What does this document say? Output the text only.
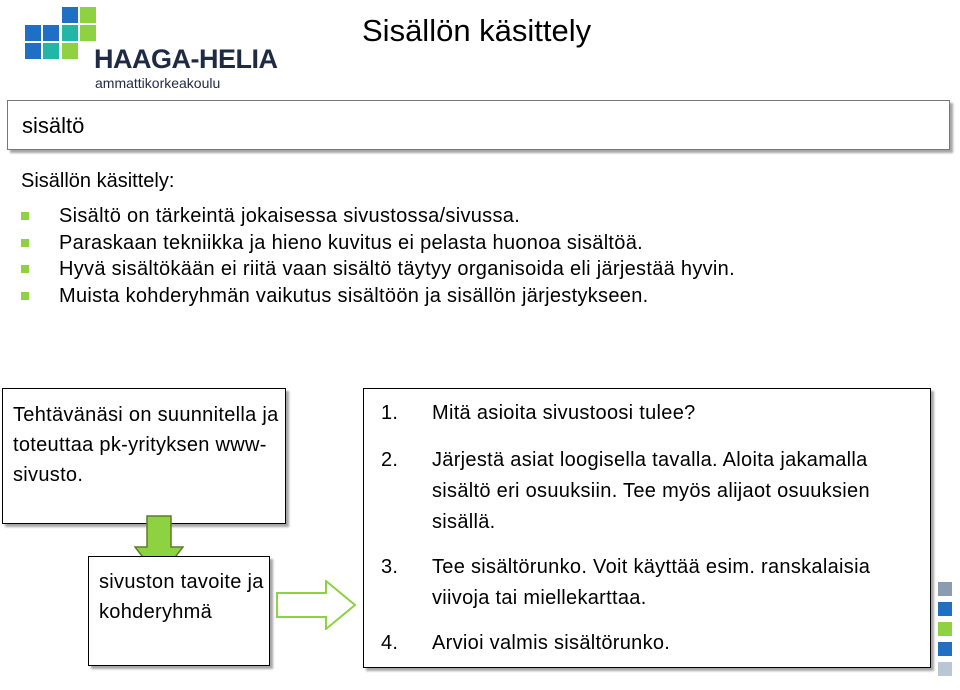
HAAGA-HELIA
ammattikorkeakoulu
Sisällön käsittely
sisältö

Sisällön käsittely:

Sisältö on tärkeintä jokaisessa sivustossa/sivussa.
Paraskaan tekniikka ja hieno kuvitus ei pelasta huonoa sisältöä.
Hyvä sisältökään ei riitä vaan sisältö täytyy organisoida eli järjestää hyvin.
Muista kohderyhmän vaikutus sisältöön ja sisällön järjestykseen.
Tehtävänäsi on suunnitella ja toteuttaa pk-yrityksen www-sivusto.
sivuston tavoite ja kohderyhmä
1. Mitä asioita sivustoosi tulee?
2. Järjestä asiat loogisella tavalla. Aloita jakamalla sisältö eri osuuksiin. Tee myös alijaot osuuksien sisällä.
3. Tee sisältörunko. Voit käyttää esim. ranskalaisia viivoja tai miellekarttaa.
4. Arvioi valmis sisältörunko.
